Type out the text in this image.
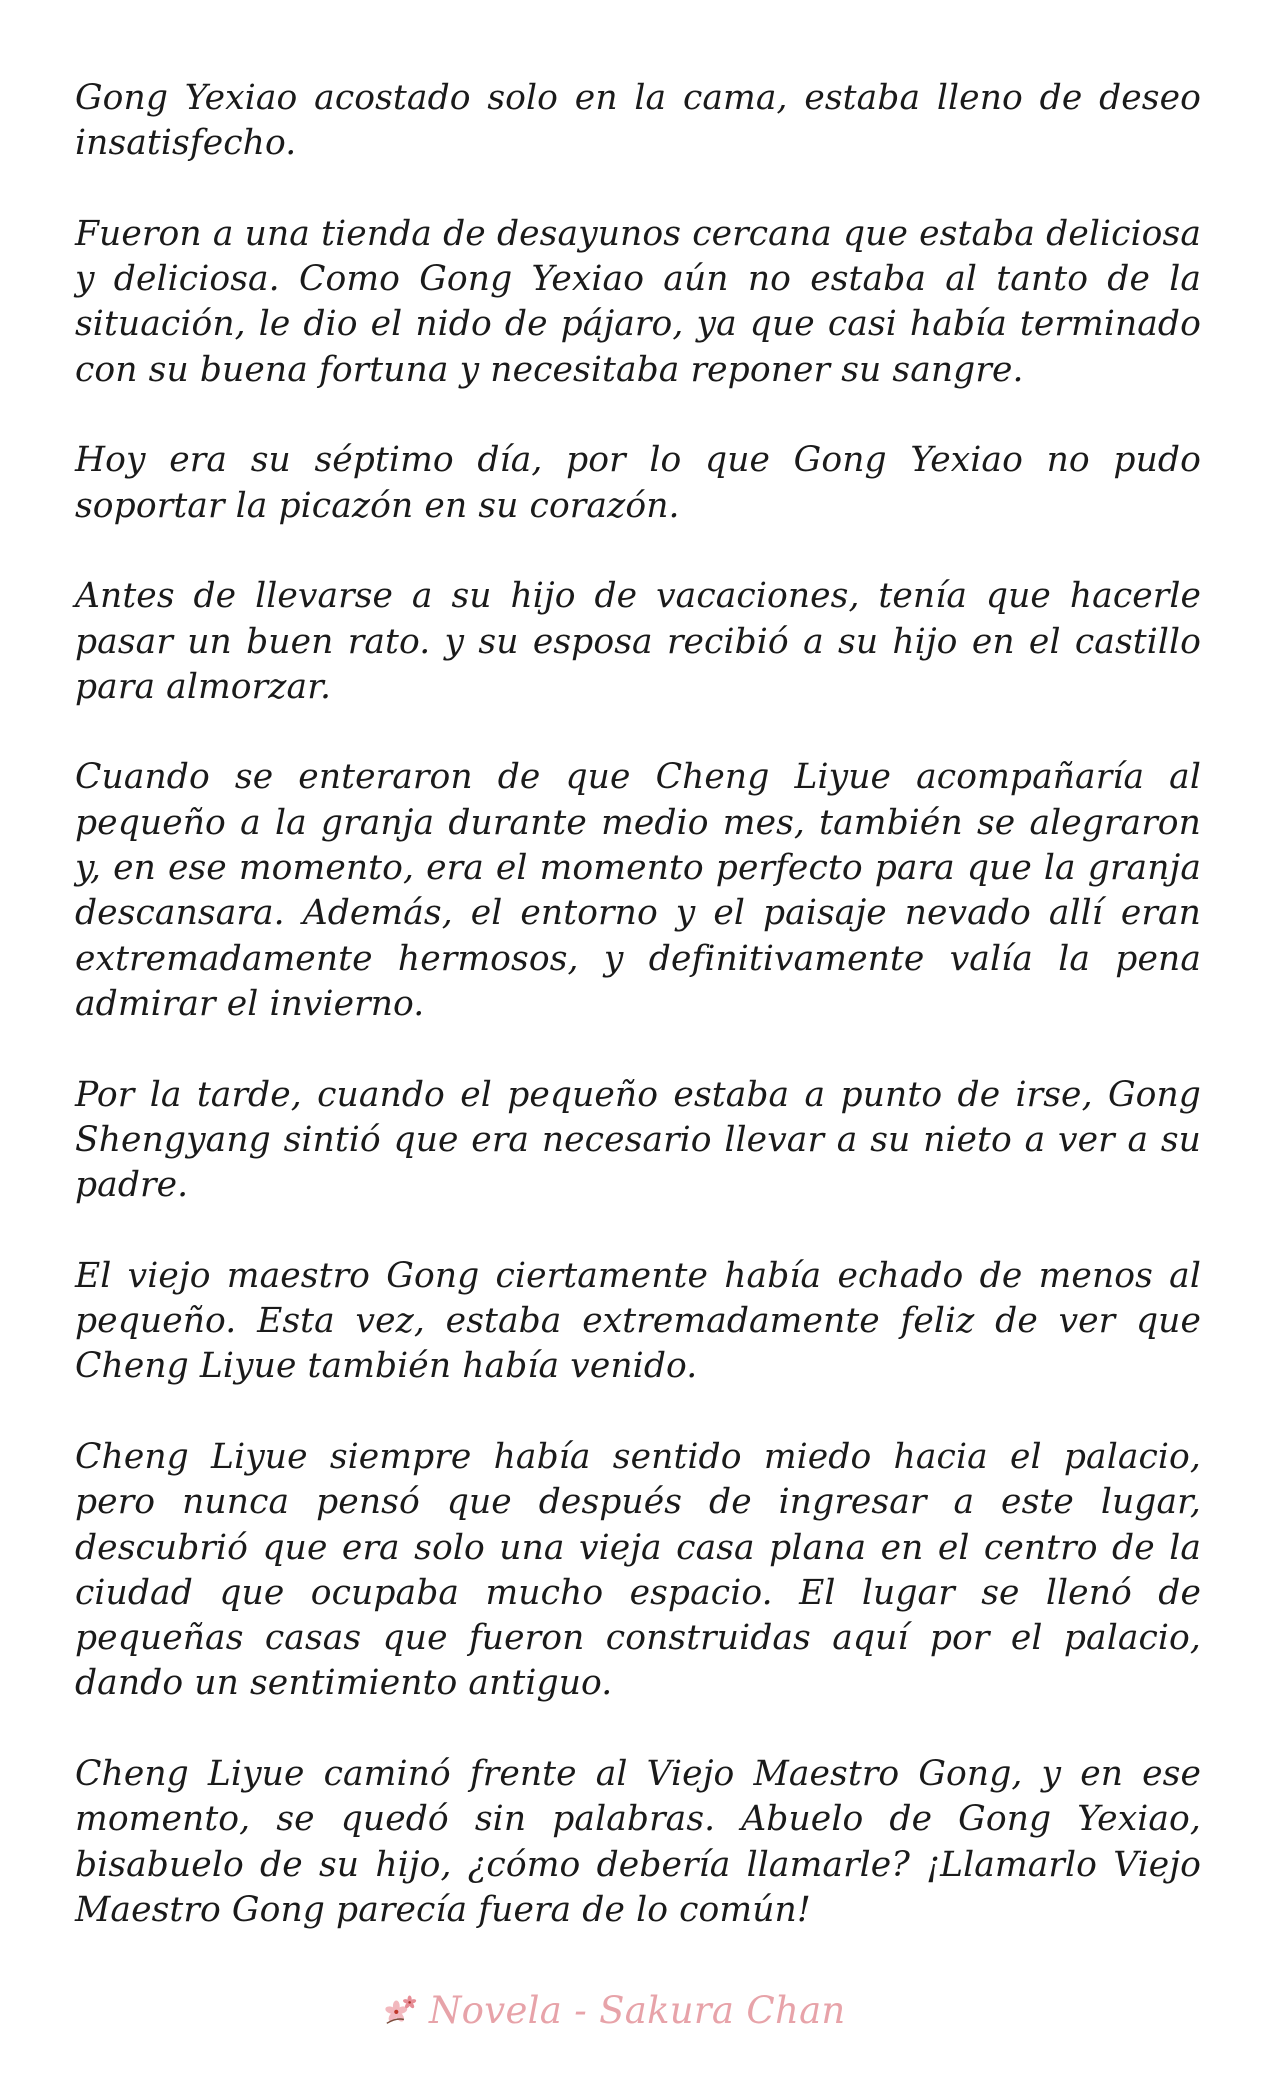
Gong Yexiao acostado solo en la cama, estaba lleno de deseo insatisfecho.

Fueron a una tienda de desayunos cercana que estaba deliciosa y deliciosa. Como Gong Yexiao aún no estaba al tanto de la situación, le dio el nido de pájaro, ya que casi había terminado con su buena fortuna y necesitaba reponer su sangre.

Hoy era su séptimo día, por lo que Gong Yexiao no pudo soportar la picazón en su corazón.

Antes de llevarse a su hijo de vacaciones, tenía que hacerle pasar un buen rato. y su esposa recibió a su hijo en el castillo para almorzar.

Cuando se enteraron de que Cheng Liyue acompañaría al pequeño a la granja durante medio mes, también se alegraron y, en ese momento, era el momento perfecto para que la granja descansara. Además, el entorno y el paisaje nevado allí eran extremadamente hermosos, y definitivamente valía la pena admirar el invierno.

Por la tarde, cuando el pequeño estaba a punto de irse, Gong Shengyang sintió que era necesario llevar a su nieto a ver a su padre.

El viejo maestro Gong ciertamente había echado de menos al pequeño. Esta vez, estaba extremadamente feliz de ver que Cheng Liyue también había venido.

Cheng Liyue siempre había sentido miedo hacia el palacio, pero nunca pensó que después de ingresar a este lugar, descubrió que era solo una vieja casa plana en el centro de la ciudad que ocupaba mucho espacio. El lugar se llenó de pequeñas casas que fueron construidas aquí por el palacio, dando un sentimiento antiguo.

Cheng Liyue caminó frente al Viejo Maestro Gong, y en ese momento, se quedó sin palabras. Abuelo de Gong Yexiao, bisabuelo de su hijo, ¿cómo debería llamarle? ¡Llamarlo Viejo Maestro Gong parecía fuera de lo común!

Novela - Sakura Chan
